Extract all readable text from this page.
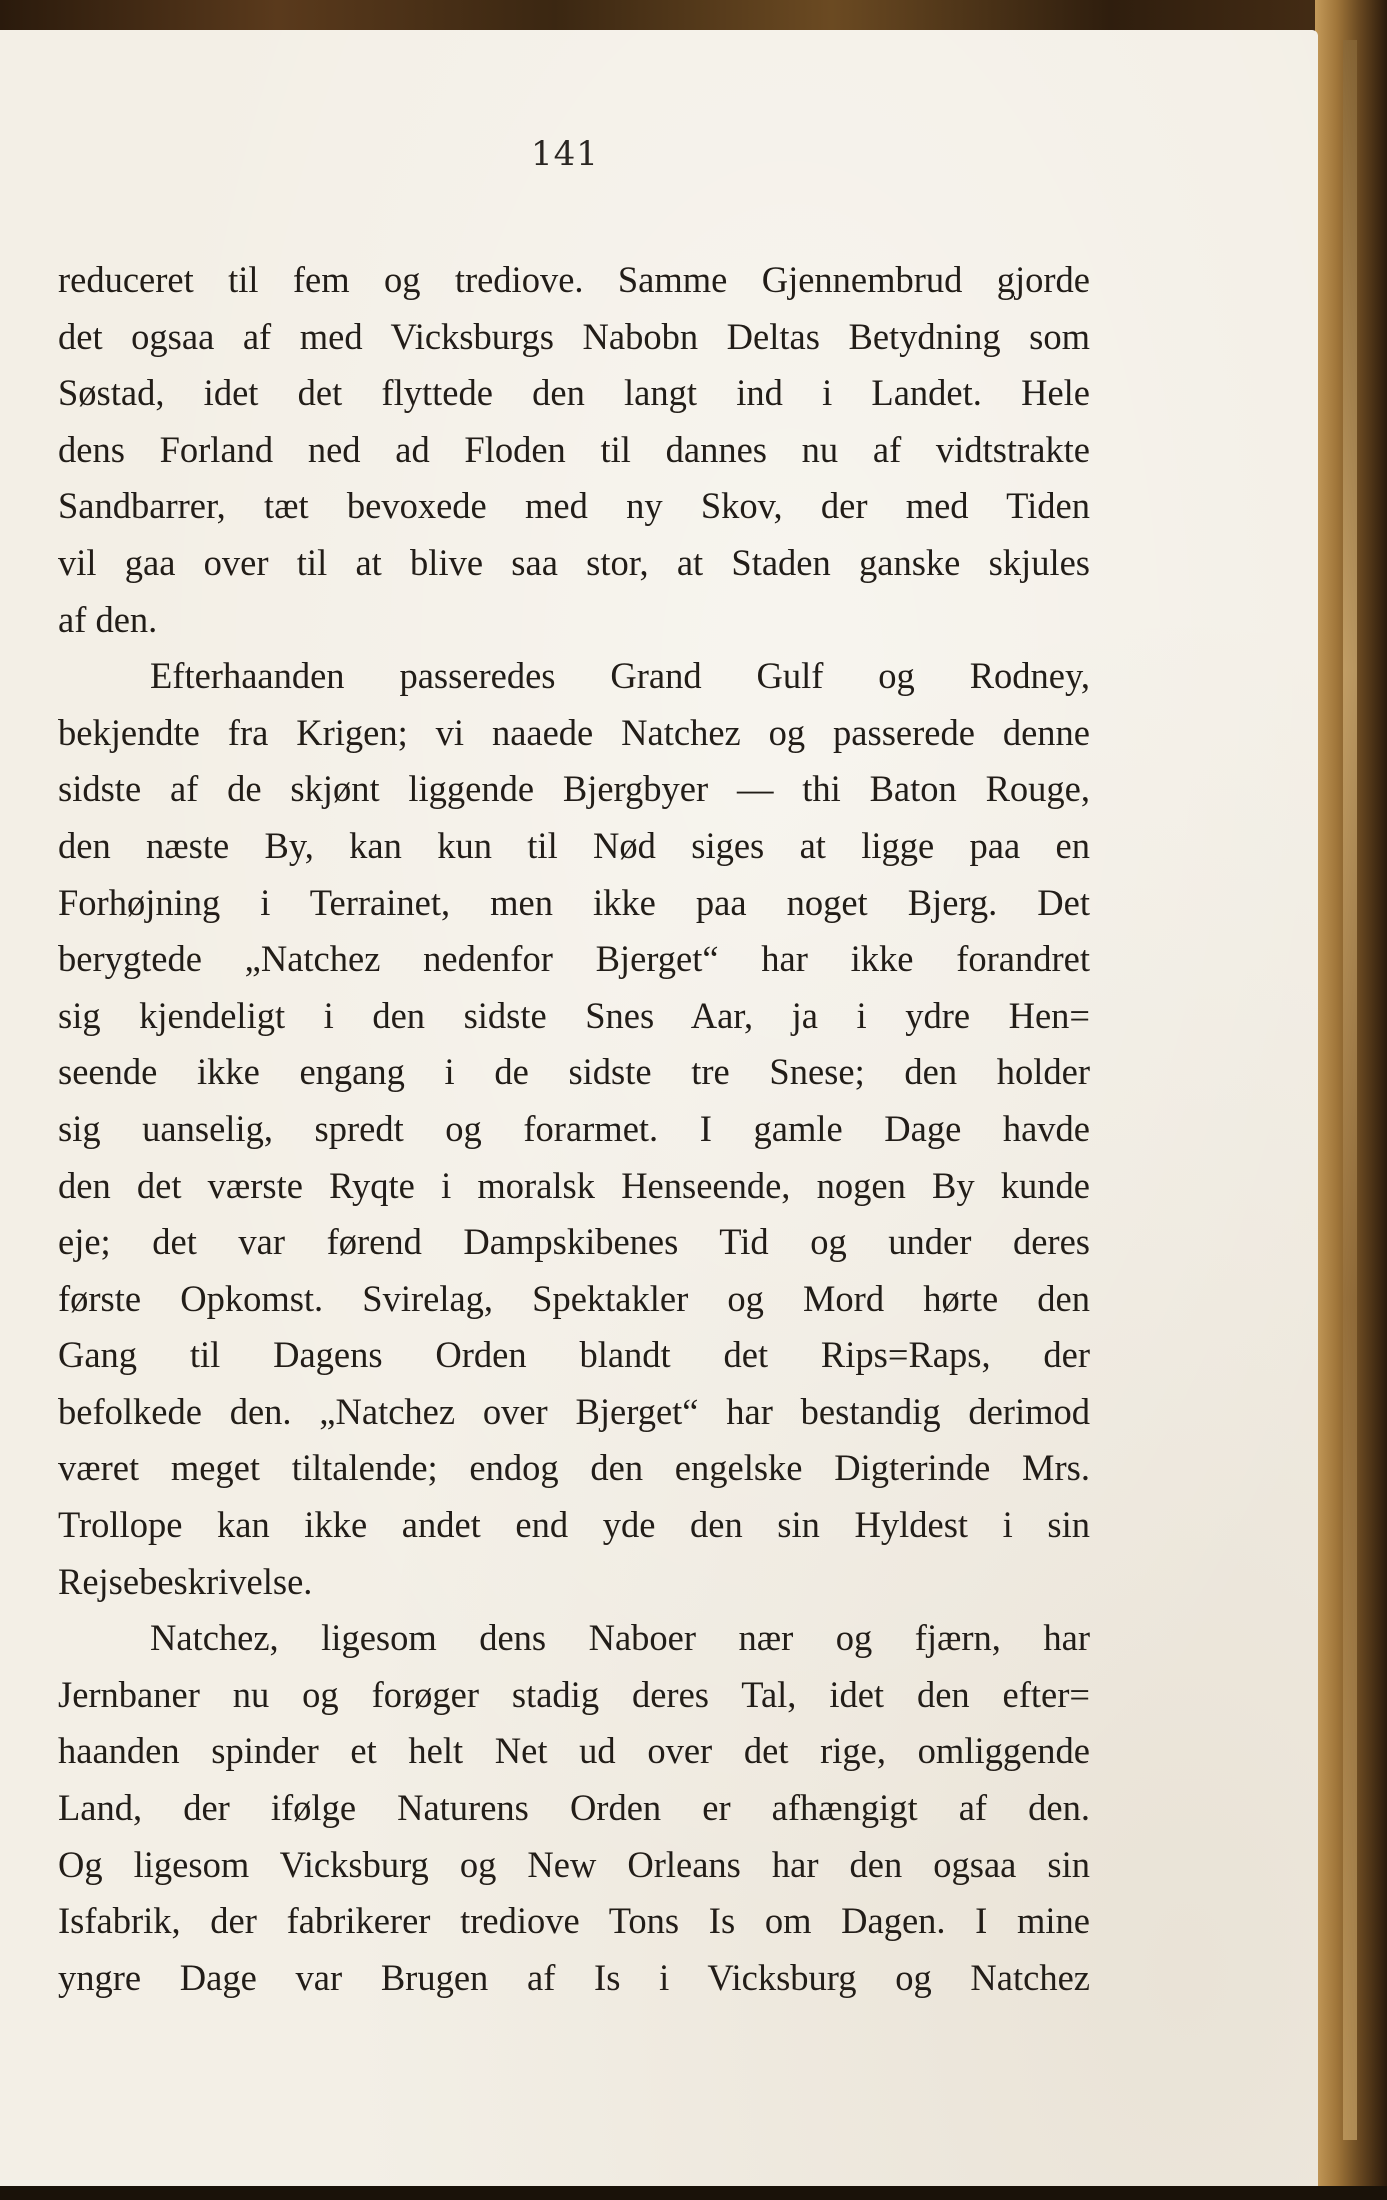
141
reduceret til fem og trediove. Samme Gjennembrud gjorde
det ogsaa af med Vicksburgs Nabobn Deltas Betydning som
Søstad, idet det flyttede den langt ind i Landet. Hele
dens Forland ned ad Floden til dannes nu af vidtstrakte
Sandbarrer, tæt bevoxede med ny Skov, der med Tiden
vil gaa over til at blive saa stor, at Staden ganske skjules
af den.
Efterhaanden passeredes Grand Gulf og Rodney,
bekjendte fra Krigen; vi naaede Natchez og passerede denne
sidste af de skjønt liggende Bjergbyer — thi Baton Rouge,
den næste By, kan kun til Nød siges at ligge paa en
Forhøjning i Terrainet, men ikke paa noget Bjerg. Det
berygtede „Natchez nedenfor Bjerget“ har ikke forandret
sig kjendeligt i den sidste Snes Aar, ja i ydre Hen=
seende ikke engang i de sidste tre Snese; den holder
sig uanselig, spredt og forarmet. I gamle Dage havde
den det værste Ryqte i moralsk Henseende, nogen By kunde
eje; det var førend Dampskibenes Tid og under deres
første Opkomst. Svirelag, Spektakler og Mord hørte den
Gang til Dagens Orden blandt det Rips=Raps, der
befolkede den. „Natchez over Bjerget“ har bestandig derimod
været meget tiltalende; endog den engelske Digterinde Mrs.
Trollope kan ikke andet end yde den sin Hyldest i sin
Rejsebeskrivelse.
Natchez, ligesom dens Naboer nær og fjærn, har
Jernbaner nu og forøger stadig deres Tal, idet den efter=
haanden spinder et helt Net ud over det rige, omliggende
Land, der ifølge Naturens Orden er afhængigt af den.
Og ligesom Vicksburg og New Orleans har den ogsaa sin
Isfabrik, der fabrikerer trediove Tons Is om Dagen. I mine
yngre Dage var Brugen af Is i Vicksburg og Natchez
